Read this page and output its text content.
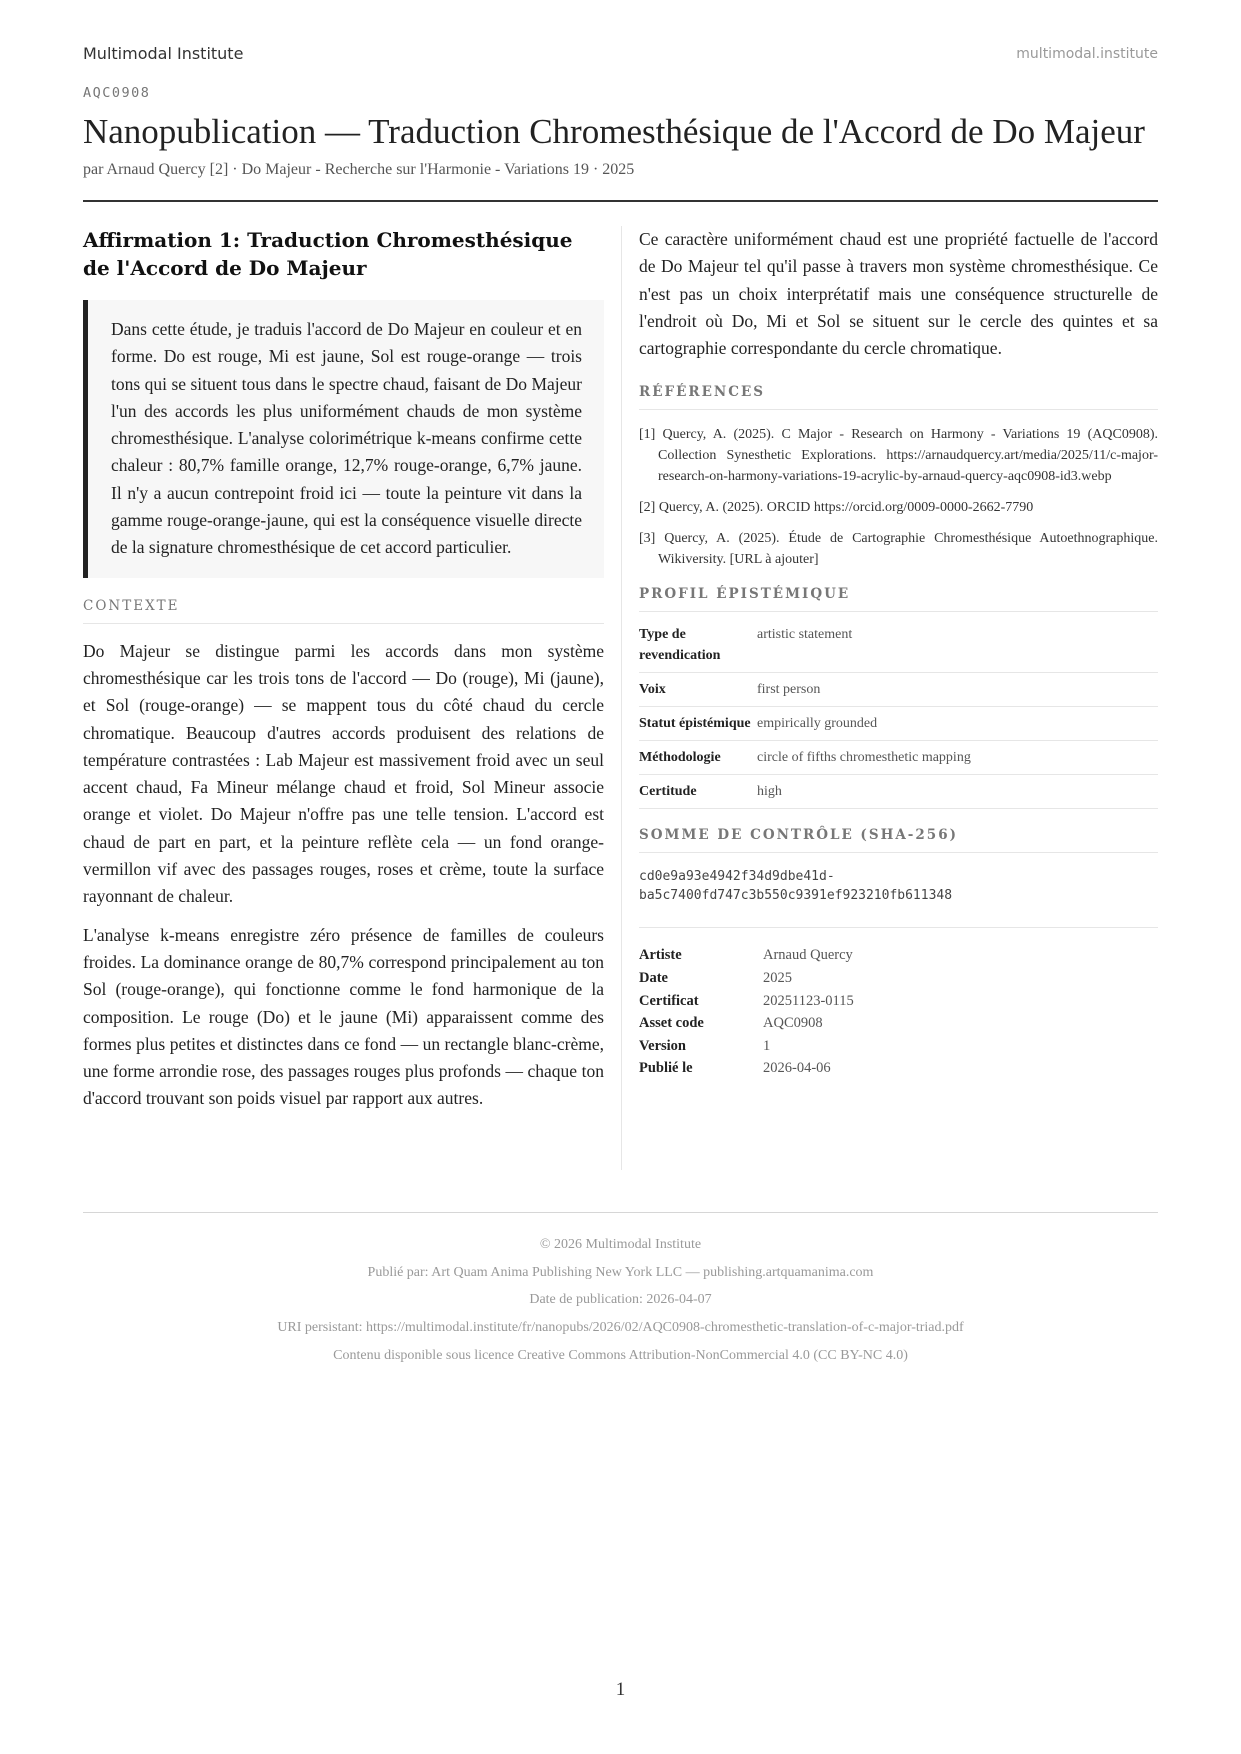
Multimodal Institute	multimodal.institute
AQC0908
Nanopublication — Traduction Chromesthésique de l'Accord de Do Majeur
par Arnaud Quercy [2] · Do Majeur - Recherche sur l'Harmonie - Variations 19 · 2025
Affirmation 1: Traduction Chromesthésique de l'Accord de Do Majeur
Dans cette étude, je traduis l'accord de Do Majeur en couleur et en forme. Do est rouge, Mi est jaune, Sol est rouge-orange — trois tons qui se situent tous dans le spectre chaud, faisant de Do Majeur l'un des accords les plus uniformément chauds de mon système chromesthésique. L'analyse colorimétrique k-means confirme cette chaleur : 80,7% famille orange, 12,7% rouge-orange, 6,7% jaune. Il n'y a aucun contrepoint froid ici — toute la peinture vit dans la gamme rouge-orange-jaune, qui est la conséquence visuelle directe de la signature chromesthésique de cet accord particulier.
CONTEXTE

Do Majeur se distingue parmi les accords dans mon système chromesthésique car les trois tons de l'accord — Do (rouge), Mi (jaune), et Sol (rouge-orange) — se mappent tous du côté chaud du cercle chromatique. Beaucoup d'autres accords produisent des relations de température contrastées : Lab Majeur est massivement froid avec un seul accent chaud, Fa Mineur mélange chaud et froid, Sol Mineur associe orange et violet. Do Majeur n'offre pas une telle tension. L'accord est chaud de part en part, et la peinture reflète cela — un fond orange-vermillon vif avec des passages rouges, roses et crème, toute la surface rayonnant de chaleur.

L'analyse k-means enregistre zéro présence de familles de couleurs froides. La dominance orange de 80,7% correspond principalement au ton Sol (rouge-orange), qui fonctionne comme le fond harmonique de la composition. Le rouge (Do) et le jaune (Mi) apparaissent comme des formes plus petites et distinctes dans ce fond — un rectangle blanc-crème, une forme arrondie rose, des passages rouges plus profonds — chaque ton d'accord trouvant son poids visuel par rapport aux autres.

Ce caractère uniformément chaud est une propriété factuelle de l'accord de Do Majeur tel qu'il passe à travers mon système chromesthésique. Ce n'est pas un choix interprétatif mais une conséquence structurelle de l'endroit où Do, Mi et Sol se situent sur le cercle des quintes et sa cartographie correspondante du cercle chromatique.

RÉFÉRENCES
[1] Quercy, A. (2025). C Major - Research on Harmony - Variations 19 (AQC0908). Collection Synesthetic Explorations. https://arnaudquercy.art/media/2025/11/c-major-research-on-harmony-variations-19-acrylic-by-arnaud-quercy-aqc0908-id3.webp
[2] Quercy, A. (2025). ORCID https://orcid.org/0009-0000-2662-7790
[3] Quercy, A. (2025). Étude de Cartographie Chromesthésique Autoethnographique. Wikiversity. [URL à ajouter]
PROFIL ÉPISTÉMIQUE
Type de revendication	artistic statement
Voix	first person
Statut épistémique	empirically grounded
Méthodologie	circle of fifths chromesthetic mapping
Certitude	high
SOMME DE CONTRÔLE (SHA-256)
cd0e9a93e4942f34d9dbe41d-
ba5c7400fd747c3b550c9391ef923210fb611348
Artiste	Arnaud Quercy
Date	2025
Certificat	20251123-0115
Asset code	AQC0908
Version	1
Publié le	2026-04-06
© 2026 Multimodal Institute
Publié par: Art Quam Anima Publishing New York LLC — publishing.artquamanima.com
Date de publication: 2026-04-07
URI persistant: https://multimodal.institute/fr/nanopubs/2026/02/AQC0908-chromesthetic-translation-of-c-major-triad.pdf
Contenu disponible sous licence Creative Commons Attribution-NonCommercial 4.0 (CC BY-NC 4.0)
1
